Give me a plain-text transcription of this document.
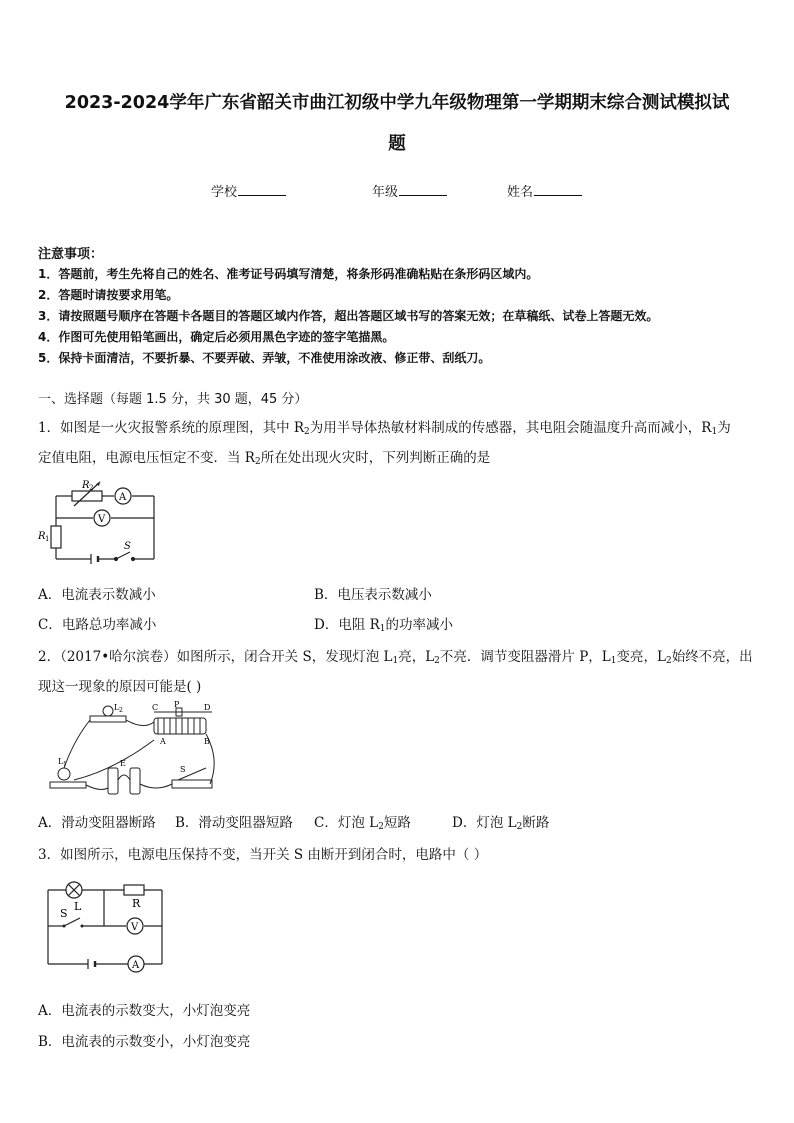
2023-2024学年广东省韶关市曲江初级中学九年级物理第一学期期末综合测试模拟试
题
学校	年级	姓名
注意事项：
1．答题前，考生先将自己的姓名、准考证号码填写清楚，将条形码准确粘贴在条形码区域内。
2．答题时请按要求用笔。
3．请按照题号顺序在答题卡各题目的答题区域内作答，超出答题区域书写的答案无效；在草稿纸、试卷上答题无效。
4．作图可先使用铅笔画出，确定后必须用黑色字迹的签字笔描黑。
5．保持卡面清洁，不要折暴、不要弄破、弄皱，不准使用涂改液、修正带、刮纸刀。
一、选择题（每题 1.5 分，共 30 题，45 分）
1．如图是一火灾报警系统的原理图，其中 $R_2$为用半导体热敏材料制成的传感器，其电阻会随温度升高而减小，$R_1$为
定值电阻，电源电压恒定不变．当 $R_2$所在处出现火灾时，下列判断正确的是
R 2
A
V
R 1
S
A．电流表示数减小	B．电压表示数减小
C．电路总功率减小	D．电阻 $R_1$的功率减小
2．（2017•哈尔滨卷）如图所示，闭合开关 S，发现灯泡 $L_1$亮，$L_2$不亮．调节变阻器滑片 P，$L_1$变亮，$L_2$始终不亮，出
现这一现象的原因可能是( )
L 2
L 1
C P	D
A	B
E
S
A．滑动变阻器断路 B．滑动变阻器短路 C．灯泡 $L_2$短路	D．灯泡 $L_2$断路
3．如图所示，电源电压保持不变，当开关 S 由断开到闭合时，电路中（ ）
L
S
R
V
A
A．电流表的示数变大，小灯泡变亮
B．电流表的示数变小，小灯泡变亮
